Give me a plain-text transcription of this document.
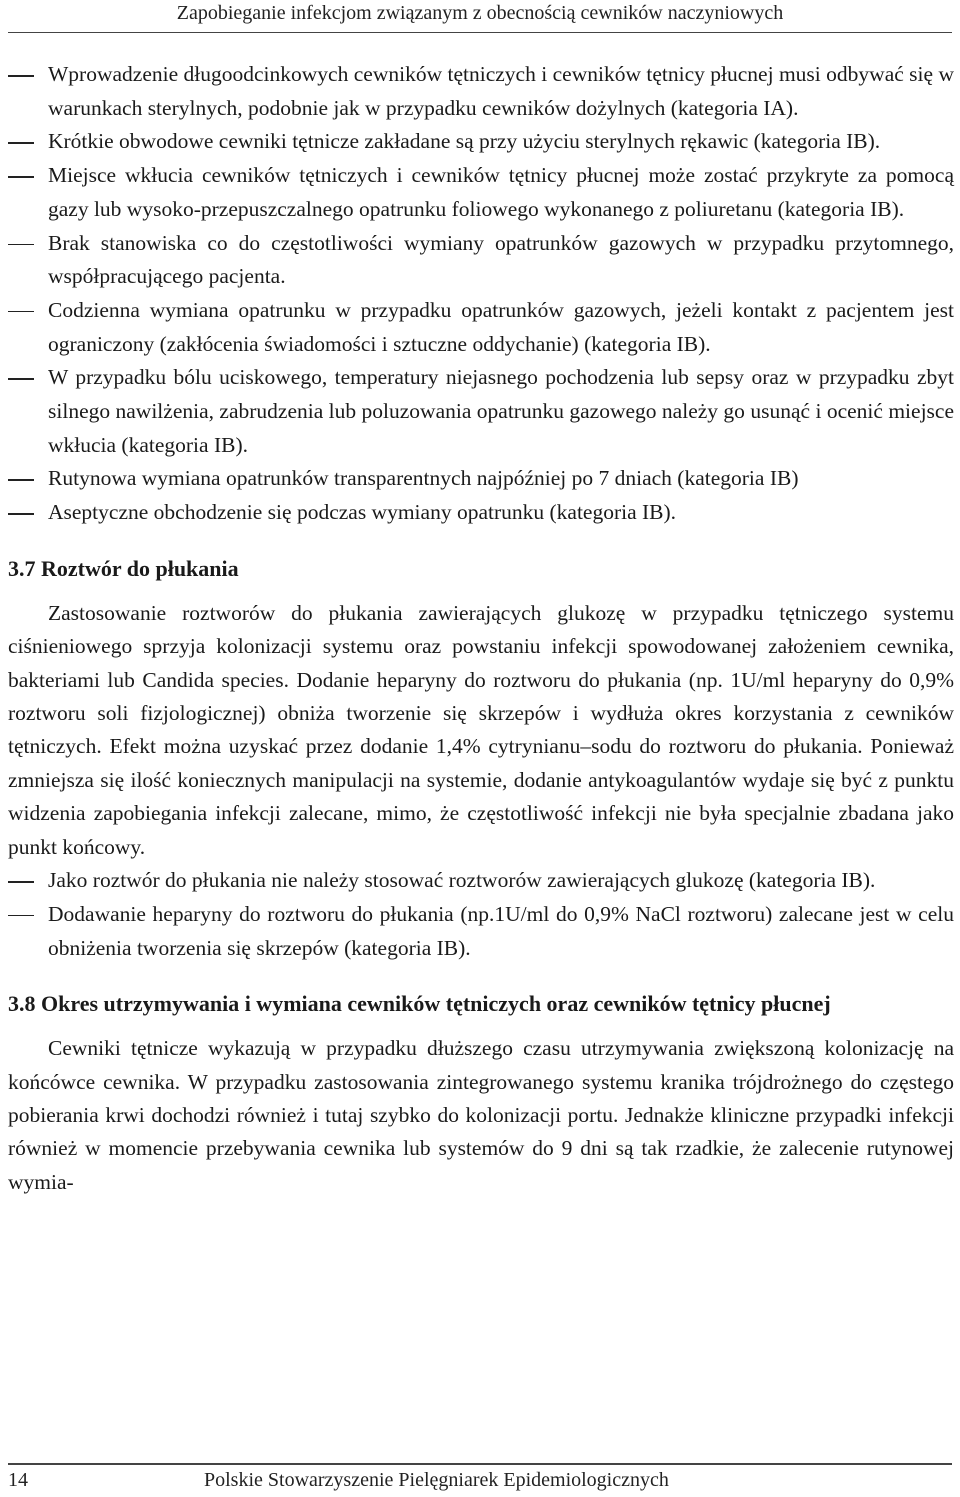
Zapobieganie infekcjom związanym z obecnością cewników naczyniowych
Wprowadzenie długoodcinkowych cewników tętniczych i cewników tętnicy płucnej musi odbywać się w warunkach sterylnych, podobnie jak w przypadku cewników dożylnych (kategoria IA).
Krótkie obwodowe cewniki tętnicze zakładane są przy użyciu sterylnych rękawic (kategoria IB).
Miejsce wkłucia cewników tętniczych i cewników tętnicy płucnej może zostać przykryte za pomocą gazy lub wysoko-przepuszczalnego opatrunku foliowego wykonanego z poliuretanu (kategoria IB).
Brak stanowiska co do częstotliwości wymiany opatrunków gazowych w przypadku przytomnego, współpracującego pacjenta.
Codzienna wymiana opatrunku w przypadku opatrunków gazowych, jeżeli kontakt z pacjentem jest ograniczony (zakłócenia świadomości i sztuczne oddychanie) (kategoria IB).
W przypadku bólu uciskowego, temperatury niejasnego pochodzenia lub sepsy oraz w przypadku zbyt silnego nawilżenia, zabrudzenia lub poluzowania opatrunku gazowego należy go usunąć i ocenić miejsce wkłucia (kategoria IB).
Rutynowa wymiana opatrunków transparentnych najpóźniej po 7 dniach (kategoria IB)
Aseptyczne obchodzenie się podczas wymiany opatrunku (kategoria IB).
3.7 Roztwór do płukania

Zastosowanie roztworów do płukania zawierających glukozę w przypadku tętniczego systemu ciśnieniowego sprzyja kolonizacji systemu oraz powstaniu infekcji spowodowanej założeniem cewnika, bakteriami lub Candida species. Dodanie heparyny do roztworu do płukania (np. 1U/ml heparyny do 0,9% roztworu soli fizjologicznej) obniża tworzenie się skrzepów i wydłuża okres korzystania z cewników tętniczych. Efekt można uzyskać przez dodanie 1,4% cytrynianu–sodu do roztworu do płukania. Ponieważ zmniejsza się ilość koniecznych manipulacji na systemie, dodanie antykoagulantów wydaje się być z punktu widzenia zapobiegania infekcji zalecane, mimo, że częstotliwość infekcji nie była specjalnie zbadana jako punkt końcowy.

Jako roztwór do płukania nie należy stosować roztworów zawierających glukozę (kategoria IB).
Dodawanie heparyny do roztworu do płukania (np.1U/ml do 0,9% NaCl roztworu) zalecane jest w celu obniżenia tworzenia się skrzepów (kategoria IB).
3.8 Okres utrzymywania i wymiana cewników tętniczych oraz cewników tętnicy płucnej

Cewniki tętnicze wykazują w przypadku dłuższego czasu utrzymywania zwiększoną kolonizację na końcówce cewnika. W przypadku zastosowania zintegrowanego systemu kranika trójdrożnego do częstego pobierania krwi dochodzi również i tutaj szybko do kolonizacji portu. Jednakże kliniczne przypadki infekcji również w momencie przebywania cewnika lub systemów do 9 dni są tak rzadkie, że zalecenie rutynowej wymia-

14	Polskie Stowarzyszenie Pielęgniarek Epidemiologicznych
